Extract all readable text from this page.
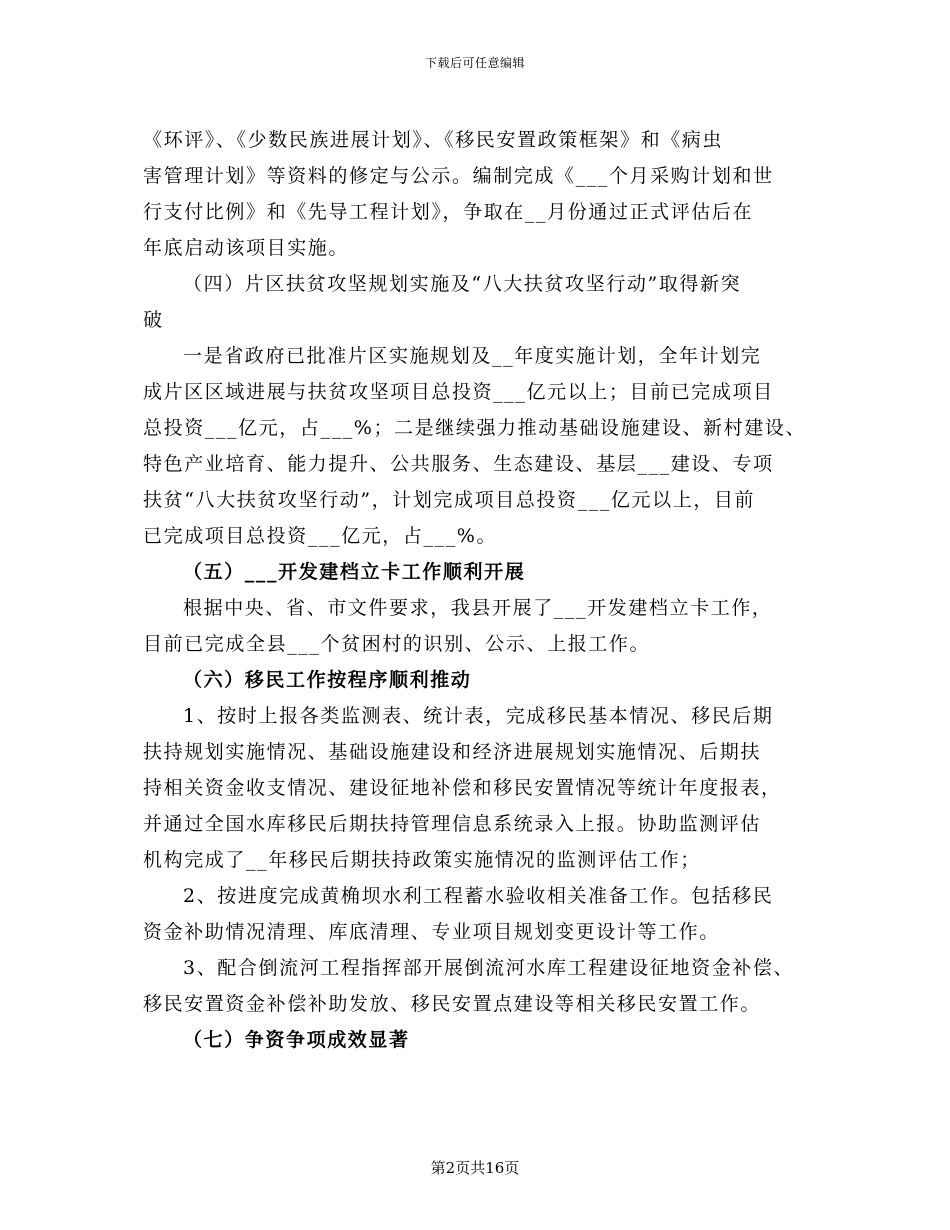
下载后可任意编辑
《环评》、《少数民族进展计划》、《移民安置政策框架》和《病虫
害管理计划》等资料的修定与公示。编制完成《___个月采购计划和世
行支付比例》和《先导工程计划》，争取在__月份通过正式评估后在
年底启动该项目实施。
（四）片区扶贫攻坚规划实施及“八大扶贫攻坚行动”取得新突
破
一是省政府已批准片区实施规划及__年度实施计划，全年计划完
成片区区域进展与扶贫攻坚项目总投资___亿元以上；目前已完成项目
总投资___亿元，占___%；二是继续强力推动基础设施建设、新村建设、
特色产业培育、能力提升、公共服务、生态建设、基层___建设、专项
扶贫“八大扶贫攻坚行动”，计划完成项目总投资___亿元以上，目前
已完成项目总投资___亿元，占___%。
（五）___开发建档立卡工作顺利开展
根据中央、省、市文件要求，我县开展了___开发建档立卡工作，
目前已完成全县___个贫困村的识别、公示、上报工作。
（六）移民工作按程序顺利推动
1、按时上报各类监测表、统计表，完成移民基本情况、移民后期
扶持规划实施情况、基础设施建设和经济进展规划实施情况、后期扶
持相关资金收支情况、建设征地补偿和移民安置情况等统计年度报表，
并通过全国水库移民后期扶持管理信息系统录入上报。协助监测评估
机构完成了__年移民后期扶持政策实施情况的监测评估工作；
2、按进度完成黄桷坝水利工程蓄水验收相关准备工作。包括移民
资金补助情况清理、库底清理、专业项目规划变更设计等工作。
3、配合倒流河工程指挥部开展倒流河水库工程建设征地资金补偿、
移民安置资金补偿补助发放、移民安置点建设等相关移民安置工作。
（七）争资争项成效显著
第2页共16页
